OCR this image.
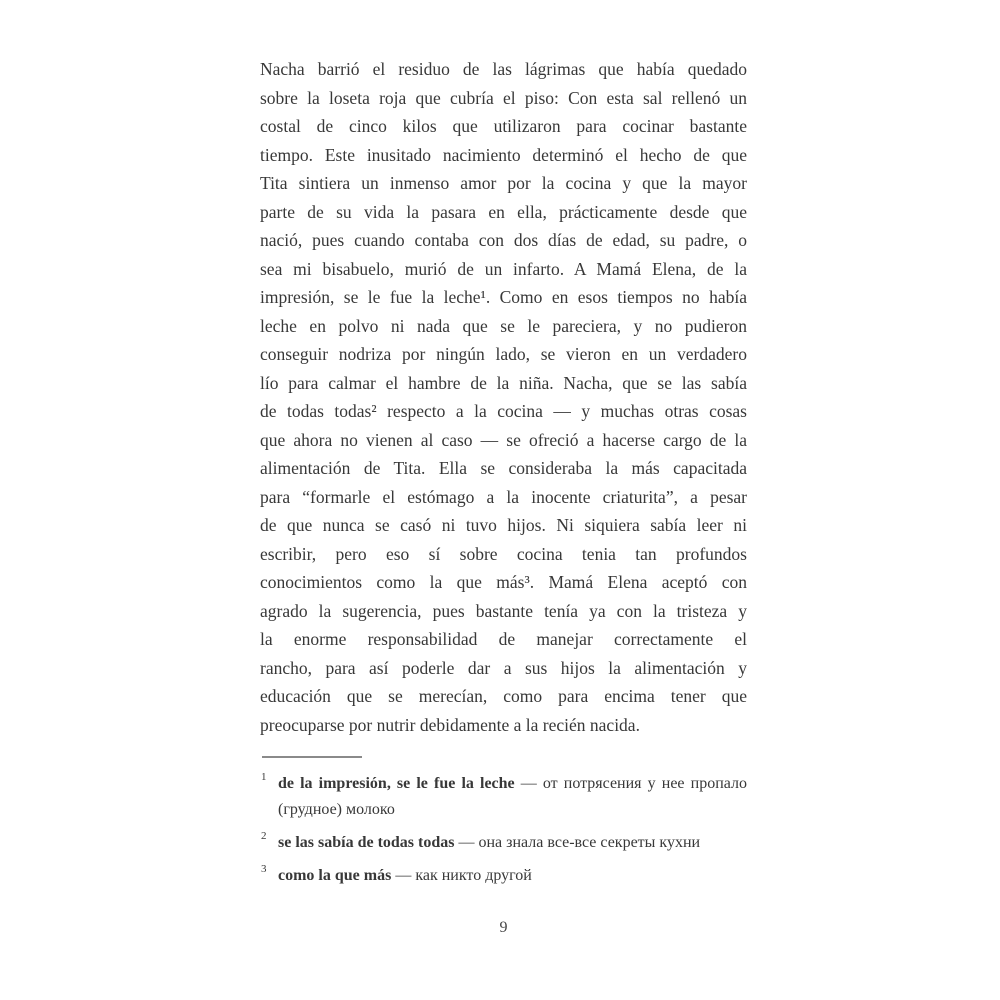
Nacha barrió el residuo de las lágrimas que había quedado
sobre la loseta roja que cubría el piso: Con esta sal rellenó un
costal de cinco kilos que utilizaron para cocinar bastante
tiempo. Este inusitado nacimiento determinó el hecho de que
Tita sintiera un inmenso amor por la cocina y que la mayor
parte de su vida la pasara en ella, prácticamente desde que
nació, pues cuando contaba con dos días de edad, su padre, o
sea mi bisabuelo, murió de un infarto. A Mamá Elena, de la
impresión, se le fue la leche¹. Como en esos tiempos no había
leche en polvo ni nada que se le pareciera, y no pudieron
conseguir nodriza por ningún lado, se vieron en un verdadero
lío para calmar el hambre de la niña. Nacha, que se las sabía
de todas todas² respecto a la cocina — y muchas otras cosas
que ahora no vienen al caso — se ofreció a hacerse cargo de la
alimentación de Tita. Ella se consideraba la más capacitada
para “formarle el estómago a la inocente criaturita”, a pesar
de que nunca se casó ni tuvo hijos. Ni siquiera sabía leer ni
escribir, pero eso sí sobre cocina tenia tan profundos
conocimientos como la que más³. Mamá Elena aceptó con
agrado la sugerencia, pues bastante tenía ya con la tristeza y
la enorme responsabilidad de manejar correctamente el
rancho, para así poderle dar a sus hijos la alimentación y
educación que se merecían, como para encima tener que
preocuparse por nutrir debidamente a la recién nacida.
1 de la impresión, se le fue la leche — от потрясения у нее пропало (грудное) молоко
2 se las sabía de todas todas — она знала все-все секреты кухни
3 como la que más — как никто другой
9
